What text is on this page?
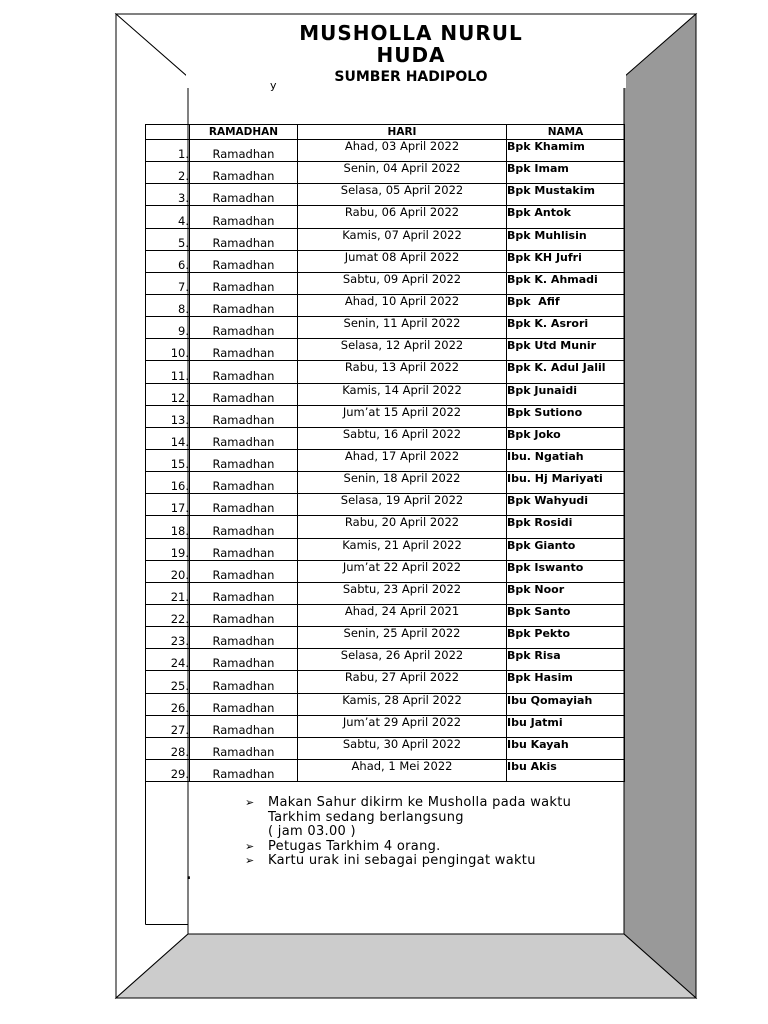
MUSHOLLA NURUL
HUDA
SUMBER HADIPOLO
y
	RAMADHAN	HARI	NAMA
1.	Ramadhan	Ahad, 03 April 2022	Bpk Khamim
2.	Ramadhan	Senin, 04 April 2022	Bpk Imam
3.	Ramadhan	Selasa, 05 April 2022	Bpk Mustakim
4.	Ramadhan	Rabu, 06 April 2022	Bpk Antok
5.	Ramadhan	Kamis, 07 April 2022	Bpk Muhlisin
6.	Ramadhan	Jumat 08 April 2022	Bpk KH Jufri
7.	Ramadhan	Sabtu, 09 April 2022	Bpk K. Ahmadi
8.	Ramadhan	Ahad, 10 April 2022	Bpk  Afif
9.	Ramadhan	Senin, 11 April 2022	Bpk K. Asrori
10.	Ramadhan	Selasa, 12 April 2022	Bpk Utd Munir
11.	Ramadhan	Rabu, 13 April 2022	Bpk K. Adul Jalil
12.	Ramadhan	Kamis, 14 April 2022	Bpk Junaidi
13.	Ramadhan	Jum’at 15 April 2022	Bpk Sutiono
14.	Ramadhan	Sabtu, 16 April 2022	Bpk Joko
15.	Ramadhan	Ahad, 17 April 2022	Ibu. Ngatiah
16.	Ramadhan	Senin, 18 April 2022	Ibu. Hj Mariyati
17.	Ramadhan	Selasa, 19 April 2022	Bpk Wahyudi
18.	Ramadhan	Rabu, 20 April 2022	Bpk Rosidi
19.	Ramadhan	Kamis, 21 April 2022	Bpk Gianto
20.	Ramadhan	Jum’at 22 April 2022	Bpk Iswanto
21.	Ramadhan	Sabtu, 23 April 2022	Bpk Noor
22.	Ramadhan	Ahad, 24 April 2021	Bpk Santo
23.	Ramadhan	Senin, 25 April 2022	Bpk Pekto
24.	Ramadhan	Selasa, 26 April 2022	Bpk Risa
25.	Ramadhan	Rabu, 27 April 2022	Bpk Hasim
26.	Ramadhan	Kamis, 28 April 2022	Ibu Qomayiah
27.	Ramadhan	Jum’at 29 April 2022	Ibu Jatmi
28.	Ramadhan	Sabtu, 30 April 2022	Ibu Kayah
29.	Ramadhan	Ahad, 1 Mei 2022	Ibu Akis
➢ Makan Sahur dikirm ke Musholla pada waktu
Tarkhim sedang berlangsung
( jam 03.00 )
➢ Petugas Tarkhim 4 orang.
➢ Kartu urak ini sebagai pengingat waktu
.
